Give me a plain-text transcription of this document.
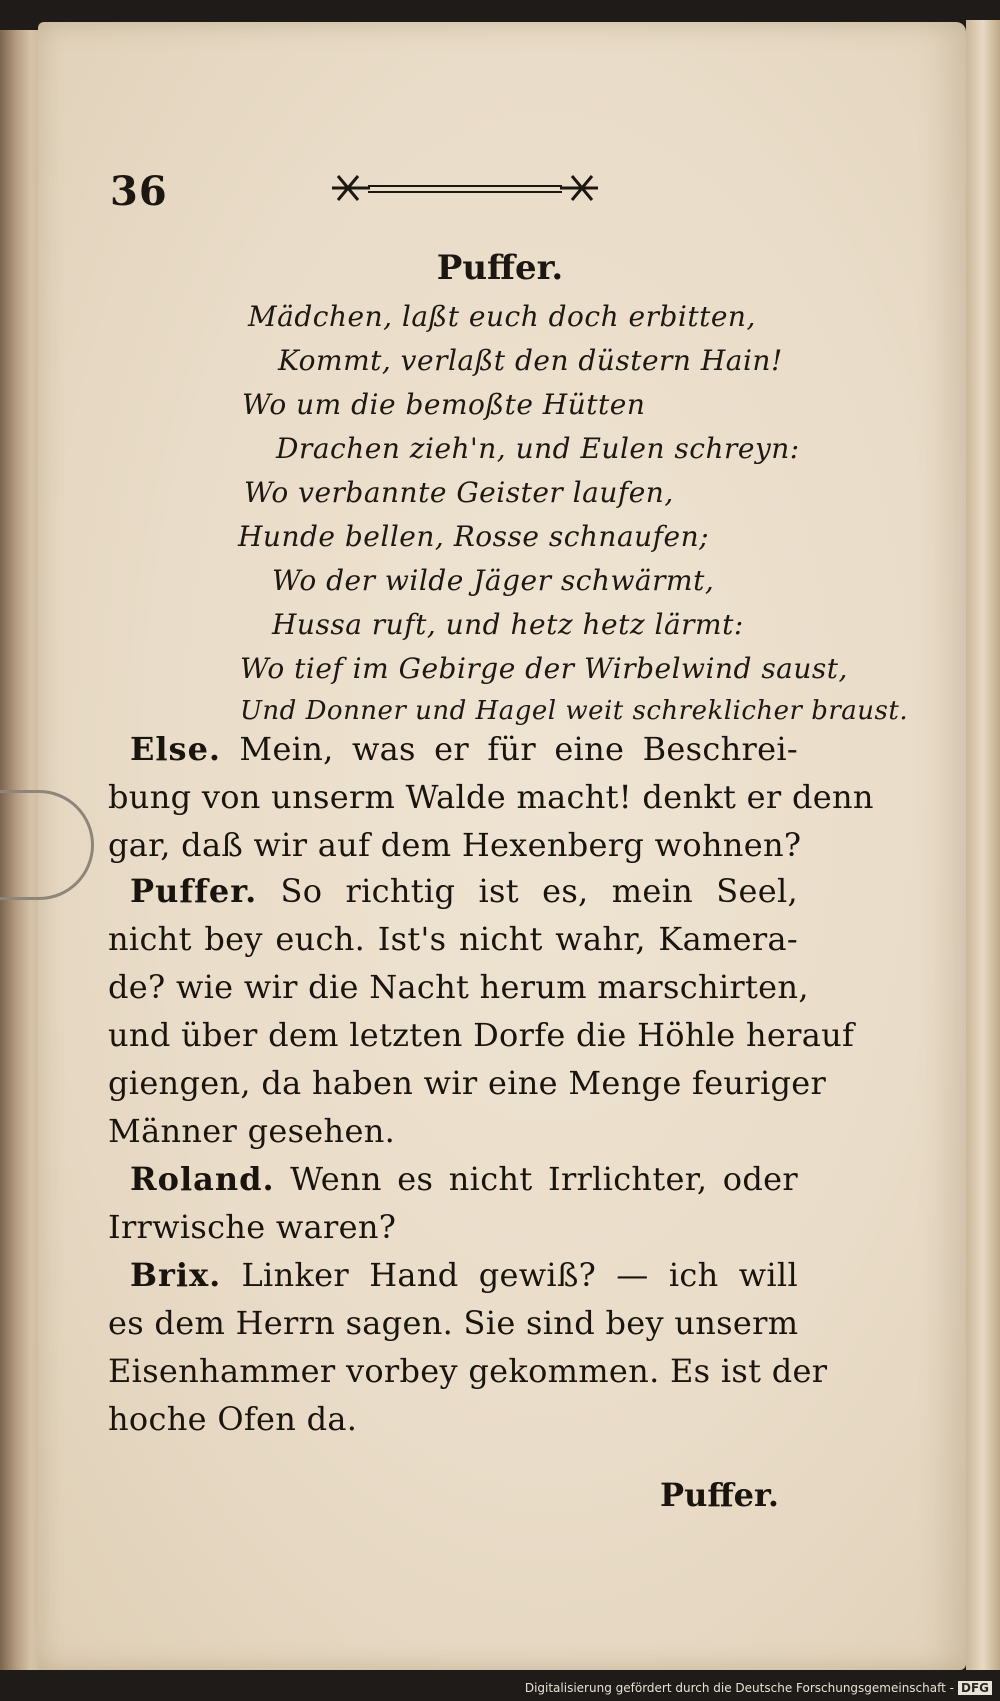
36
Puffer.
Mädchen, laßt euch doch erbitten,
Kommt, verlaßt den düstern Hain!
Wo um die bemoßte Hütten
Drachen zieh'n, und Eulen schreyn:
Wo verbannte Geister laufen,
Hunde bellen, Rosse schnaufen;
Wo der wilde Jäger schwärmt,
Hussa ruft, und hetz hetz lärmt:
Wo tief im Gebirge der Wirbelwind saust,
Und Donner und Hagel weit schreklicher braust.
Else. Mein, was er für eine Beschrei-
bung von unserm Walde macht! denkt er denn
gar, daß wir auf dem Hexenberg wohnen?
Puffer. So richtig ist es, mein Seel,
nicht bey euch. Ist's nicht wahr, Kamera-
de? wie wir die Nacht herum marschirten,
und über dem letzten Dorfe die Höhle herauf
giengen, da haben wir eine Menge feuriger
Männer gesehen.
Roland. Wenn es nicht Irrlichter, oder
Irrwische waren?
Brix. Linker Hand gewiß? — ich will
es dem Herrn sagen. Sie sind bey unserm
Eisenhammer vorbey gekommen. Es ist der
hoche Ofen da.
Puffer.
Digitalisierung gefördert durch die Deutsche Forschungsgemeinschaft - DFG
